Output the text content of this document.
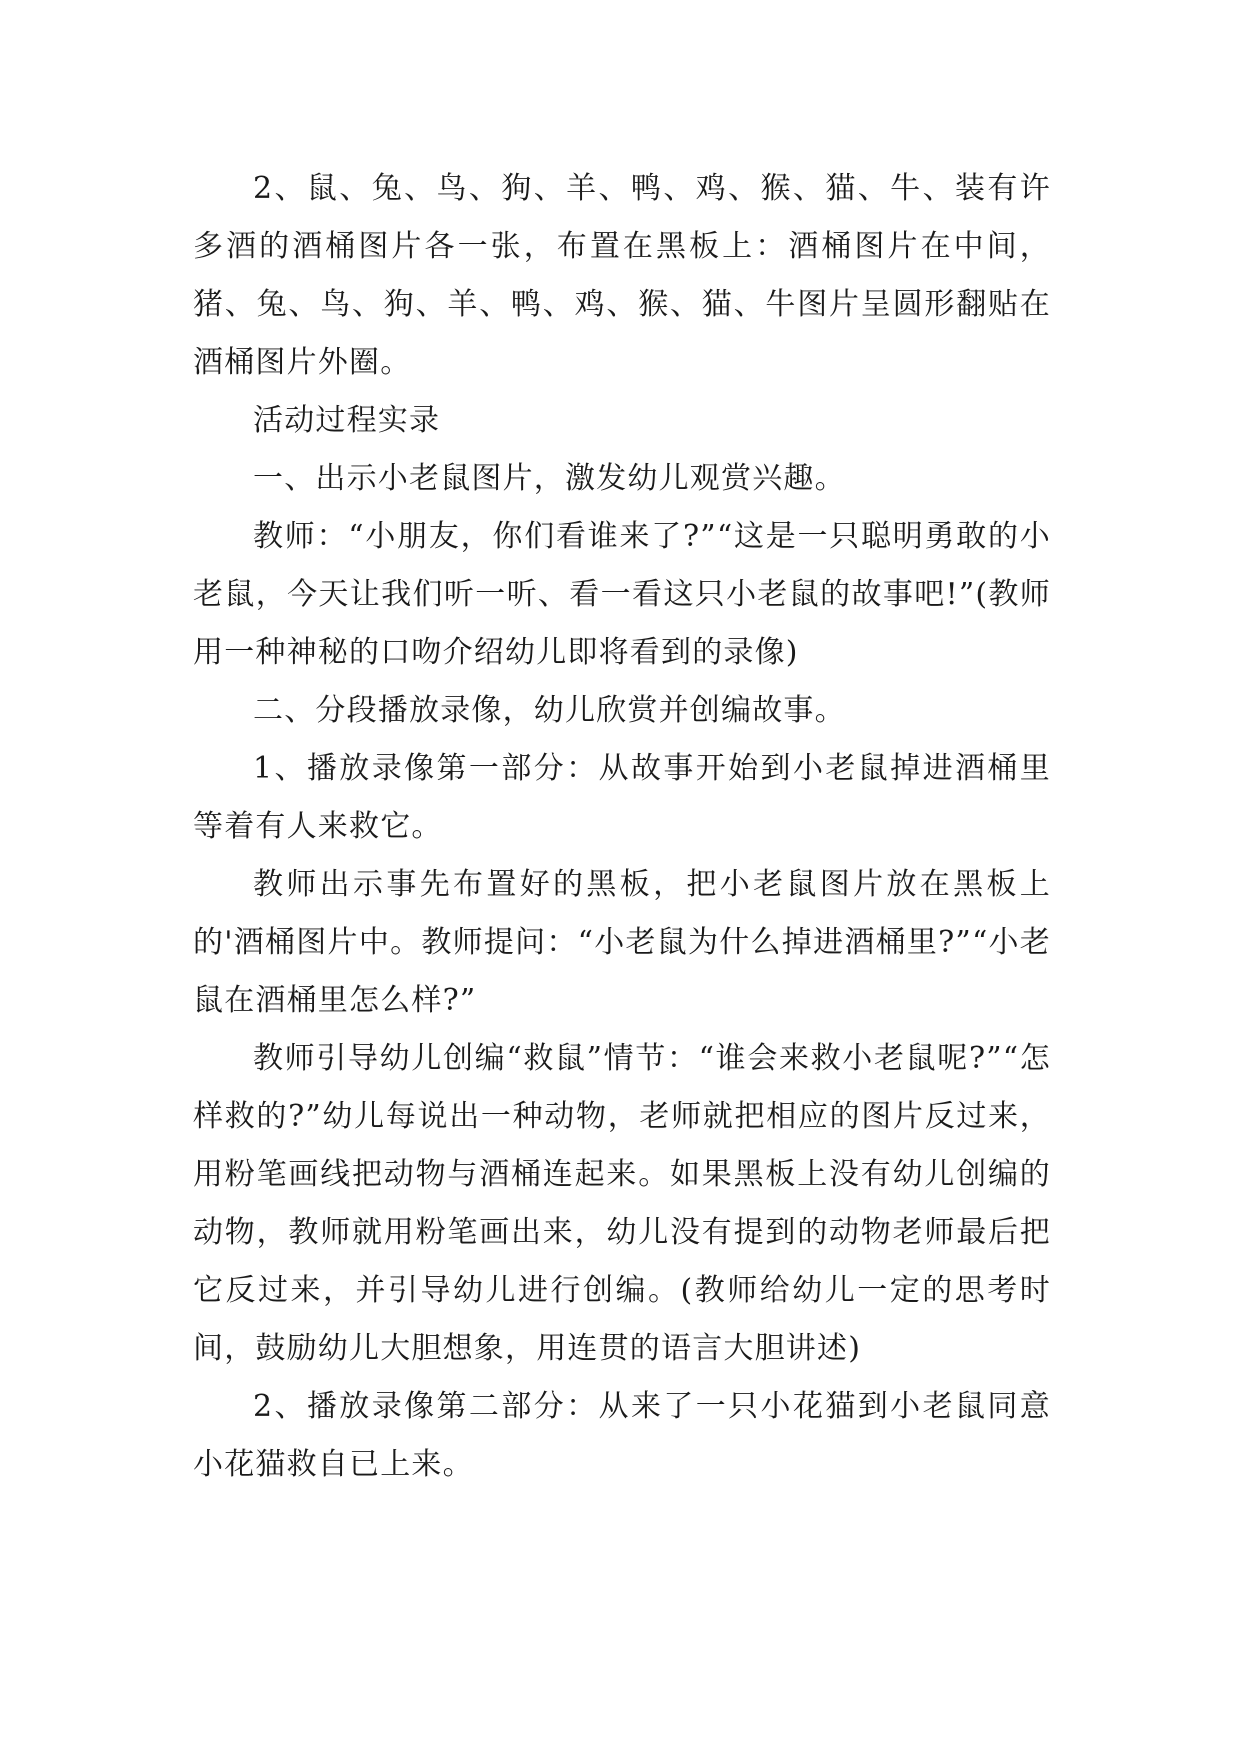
2、鼠、兔、鸟、狗、羊、鸭、鸡、猴、猫、牛、装有许多酒的酒桶图片各一张，布置在黑板上：酒桶图片在中间，猪、兔、鸟、狗、羊、鸭、鸡、猴、猫、牛图片呈圆形翻贴在酒桶图片外圈。

活动过程实录

一、出示小老鼠图片，激发幼儿观赏兴趣。

教师：“小朋友，你们看谁来了?”“这是一只聪明勇敢的小老鼠，今天让我们听一听、看一看这只小老鼠的故事吧!”(教师用一种神秘的口吻介绍幼儿即将看到的录像)

二、分段播放录像，幼儿欣赏并创编故事。

1、播放录像第一部分：从故事开始到小老鼠掉进酒桶里等着有人来救它。

教师出示事先布置好的黑板，把小老鼠图片放在黑板上的'酒桶图片中。教师提问：“小老鼠为什么掉进酒桶里?”“小老鼠在酒桶里怎么样?”

教师引导幼儿创编“救鼠”情节：“谁会来救小老鼠呢?”“怎样救的?”幼儿每说出一种动物，老师就把相应的图片反过来，用粉笔画线把动物与酒桶连起来。如果黑板上没有幼儿创编的动物，教师就用粉笔画出来，幼儿没有提到的动物老师最后把它反过来，并引导幼儿进行创编。(教师给幼儿一定的思考时间，鼓励幼儿大胆想象，用连贯的语言大胆讲述)

2、播放录像第二部分：从来了一只小花猫到小老鼠同意小花猫救自已上来。
